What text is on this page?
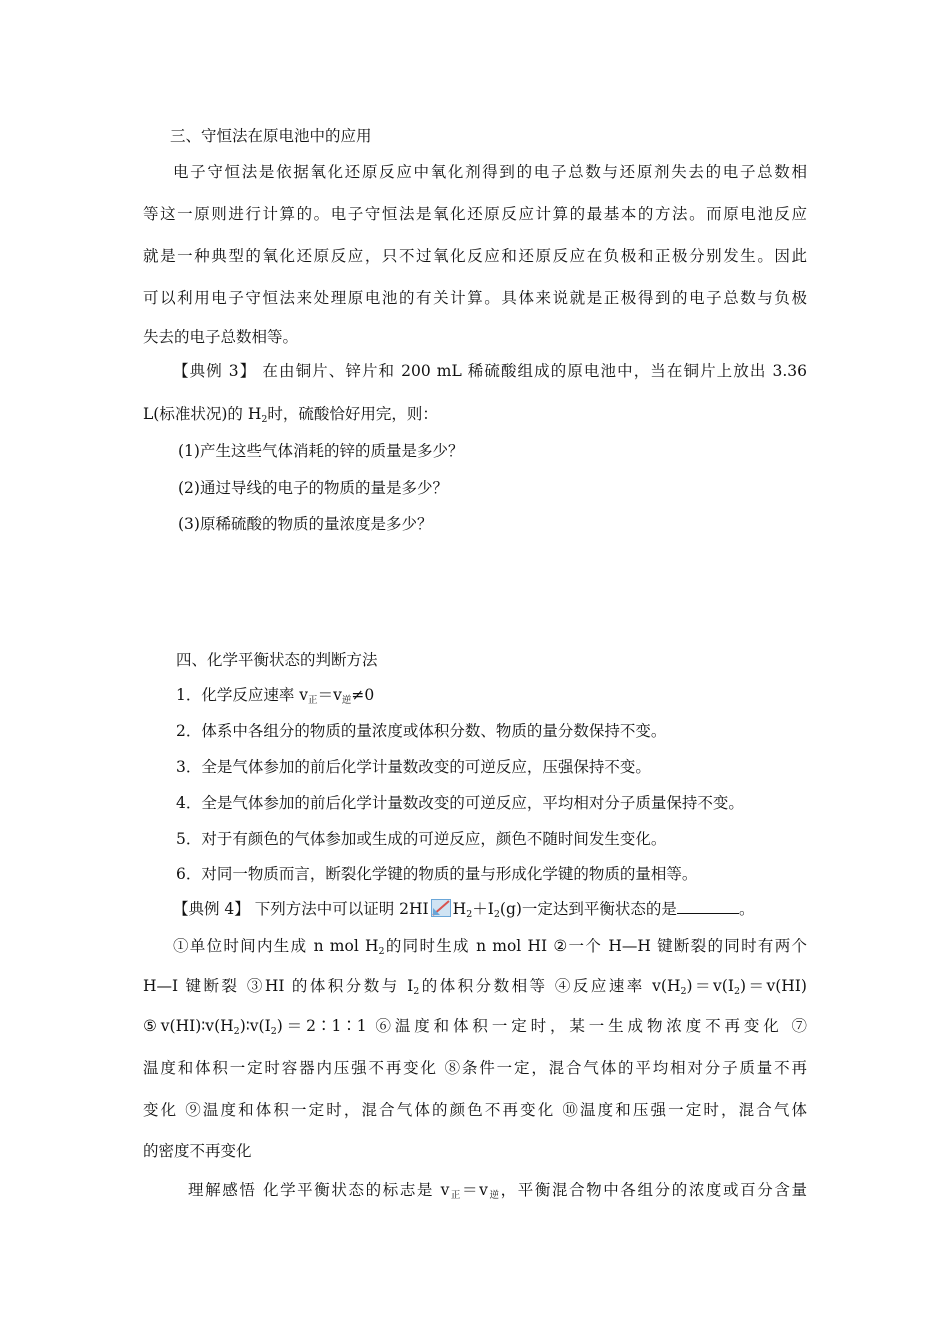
三、守恒法在原电池中的应用
电子守恒法是依据氧化还原反应中氧化剂得到的电子总数与还原剂失去的电子总数相
等这一原则进行计算的。电子守恒法是氧化还原反应计算的最基本的方法。而原电池反应
就是一种典型的氧化还原反应，只不过氧化反应和还原反应在负极和正极分别发生。因此
可以利用电子守恒法来处理原电池的有关计算。具体来说就是正极得到的电子总数与负极
失去的电子总数相等。
【典例 3】 在由铜片、锌片和 200 mL 稀硫酸组成的原电池中，当在铜片上放出 3.36
L(标准状况)的 $H_2$时，硫酸恰好用完，则：
(1)产生这些气体消耗的锌的质量是多少？
(2)通过导线的电子的物质的量是多少？
(3)原稀硫酸的物质的量浓度是多少？
四、化学平衡状态的判断方法
1．化学反应速率 $v_正=v_逆\ne 0$
2．体系中各组分的物质的量浓度或体积分数、物质的量分数保持不变。
3．全是气体参加的前后化学计量数改变的可逆反应，压强保持不变。
4．全是气体参加的前后化学计量数改变的可逆反应，平均相对分子质量保持不变。
5．对于有颜色的气体参加或生成的可逆反应，颜色不随时间发生变化。
6．对同一物质而言，断裂化学键的物质的量与形成化学键的物质的量相等。
【典例 4】 下列方法中可以证明 2HI $H_2+I_2(g)$一定达到平衡状态的是	。
①单位时间内生成 n mol $H_2$的同时生成 n mol HI ②一个 H—H 键断裂的同时有两个
H—I 键断裂 ③HI 的体积分数与 $I_2$的体积分数相等 ④反应速率 $v(H_2)=v(I_2)=v(HI)$
$⑤v(HI)∶v(H_2)∶v(I_2)=2∶1∶1$ ⑥温度和体积一定时，某一生成物浓度不再变化 ⑦
温度和体积一定时容器内压强不再变化 ⑧条件一定，混合气体的平均相对分子质量不再
变化 ⑨温度和体积一定时，混合气体的颜色不再变化 ⑩温度和压强一定时，混合气体
的密度不再变化
理解感悟 化学平衡状态的标志是 $v_正=v_逆$，平衡混合物中各组分的浓度或百分含量
